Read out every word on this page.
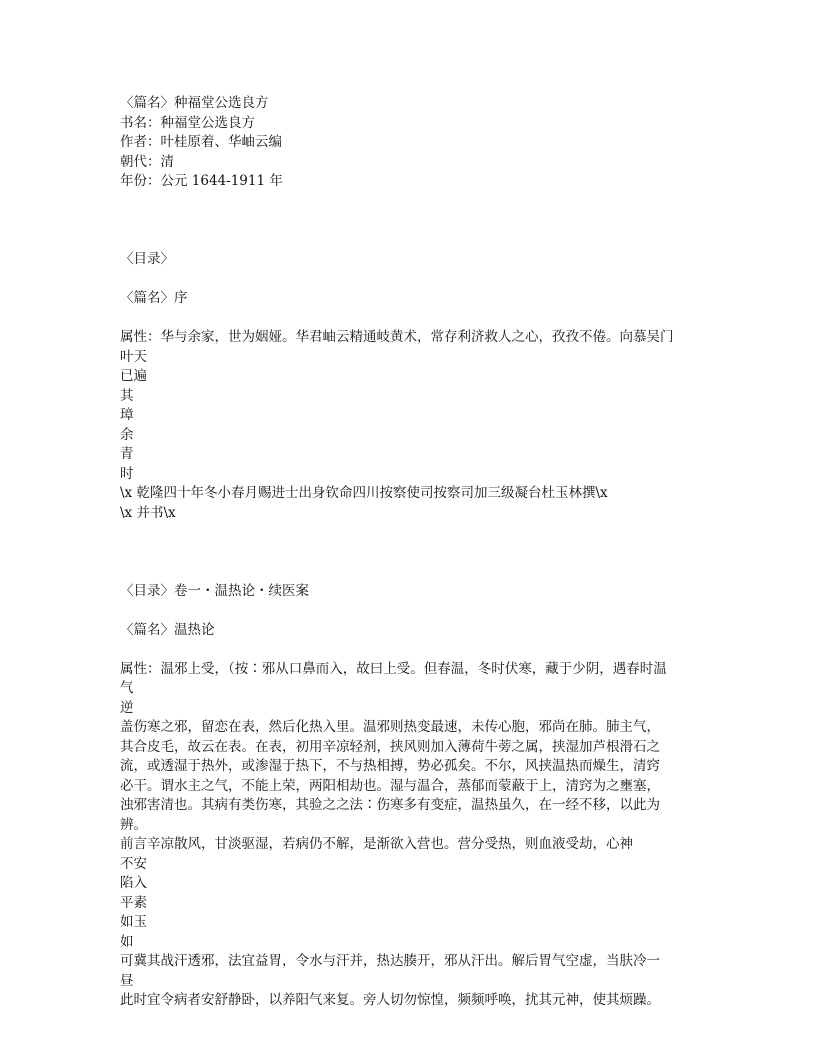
〈篇名〉种福堂公选良方
书名：种福堂公选良方
作者：叶桂原着、华岫云编
朝代：清
年份：公元 1644-1911 年
〈目录〉
〈篇名〉序
属性：华与余家，世为姻娅。华君岫云精通岐黄术，常存利济救人之心，孜孜不倦。向慕吴门
叶天
已遍
其
璋
余
青
时
\x 乾隆四十年冬小春月赐进士出身钦命四川按察使司按察司加三级凝台杜玉林撰\x
\x 并书\x
〈目录〉卷一・温热论・续医案
〈篇名〉温热论
属性：温邪上受，（按∶邪从口鼻而入，故曰上受。但春温，冬时伏寒，藏于少阴，遇春时温
气
逆
盖伤寒之邪，留恋在表，然后化热入里。温邪则热变最速，未传心胞，邪尚在肺。肺主气，
其合皮毛，故云在表。在表，初用辛凉轻剂，挟风则加入薄荷牛蒡之属，挟湿加芦根滑石之
流，或透湿于热外，或渗湿于热下，不与热相搏，势必孤矣。不尔，风挟温热而燥生，清窍
必干。谓水主之气，不能上荣，两阳相劫也。湿与温合，蒸郁而蒙蔽于上，清窍为之壅塞，
浊邪害清也。其病有类伤寒，其验之之法∶伤寒多有变症，温热虽久，在一经不移，以此为
辨。
前言辛凉散风，甘淡驱湿，若病仍不解，是渐欲入营也。营分受热，则血液受劫，心神
不安
陷入
平素
如玉
如
可冀其战汗透邪，法宜益胃，令水与汗并，热达腠开，邪从汗出。解后胃气空虚，当肤冷一
昼
此时宜令病者安舒静卧，以养阳气来复。旁人切勿惊惶，频频呼唤，扰其元神，使其烦躁。
